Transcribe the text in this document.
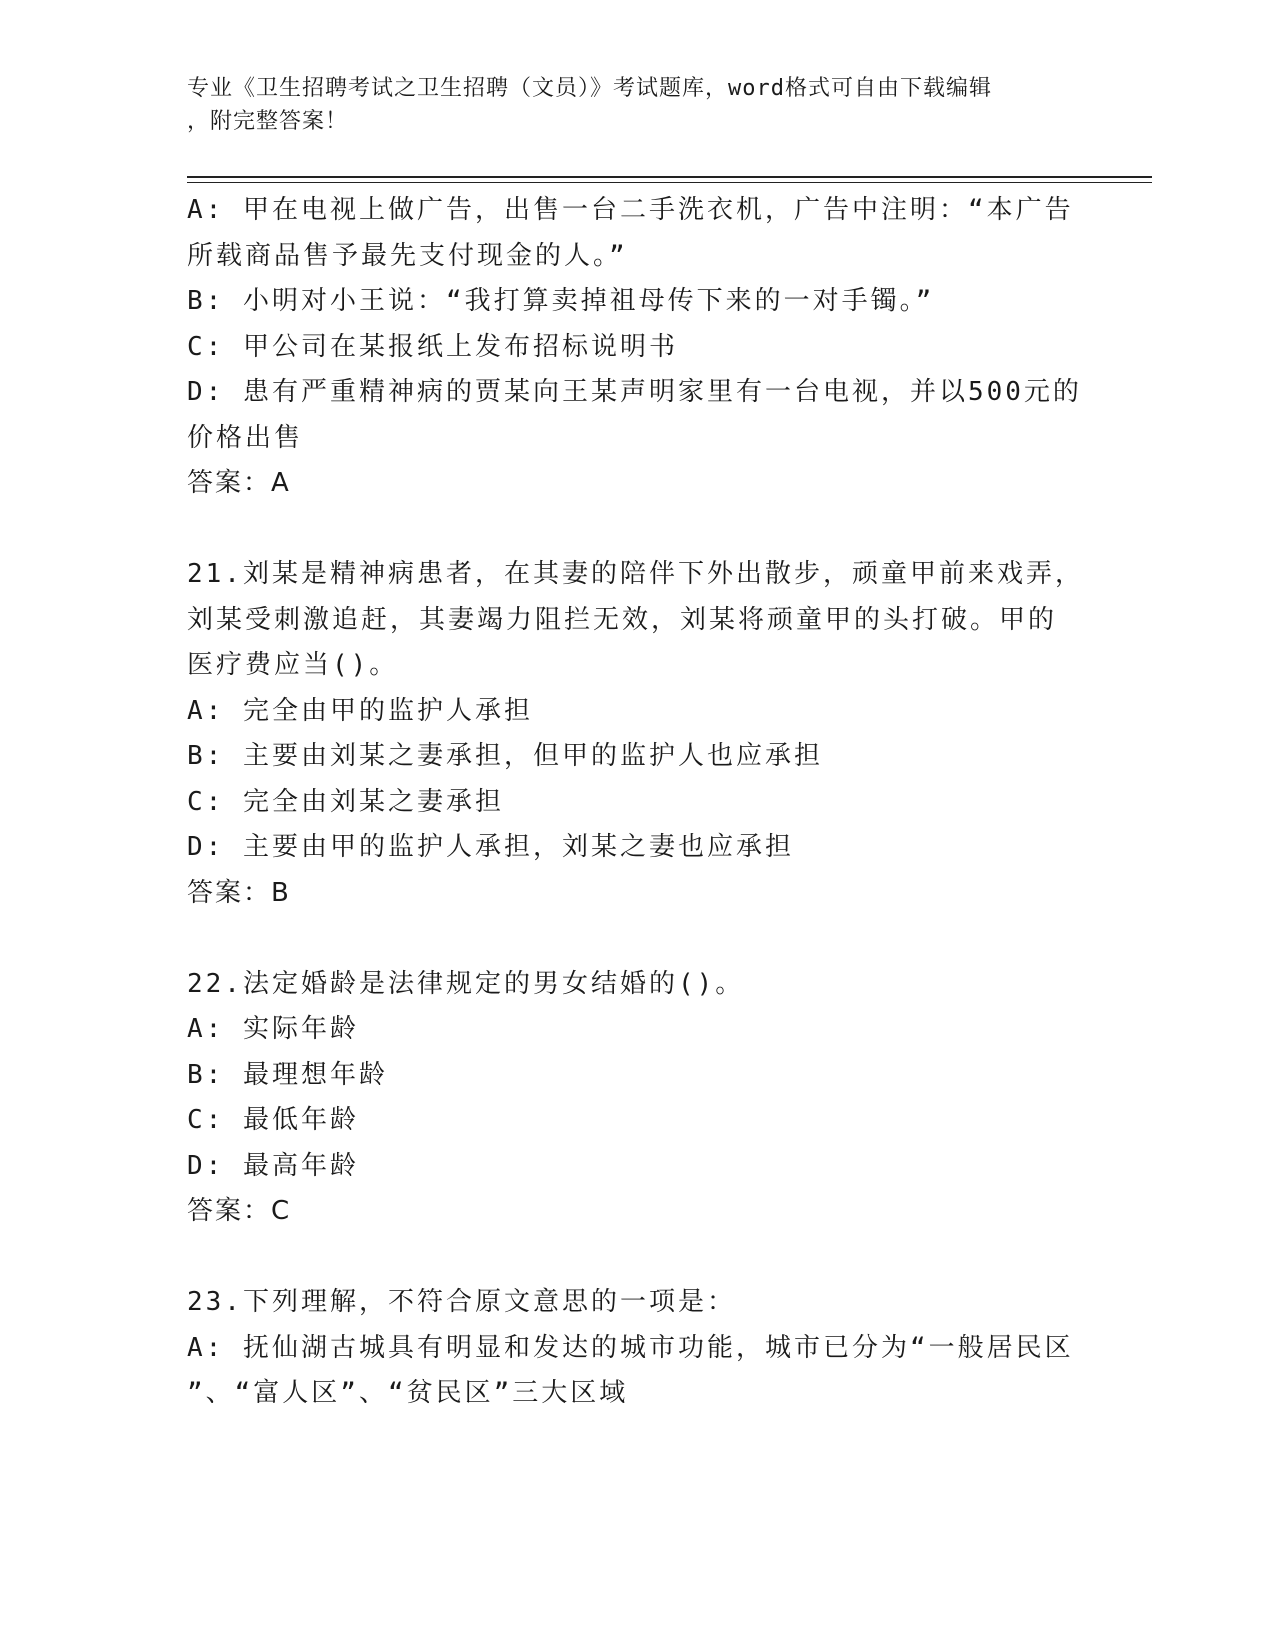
专业《卫生招聘考试之卫生招聘（文员）》考试题库，word格式可自由下载编辑
，附完整答案！
A: 甲在电视上做广告，出售一台二手洗衣机，广告中注明：“本广告
所载商品售予最先支付现金的人。”
B: 小明对小王说：“我打算卖掉祖母传下来的一对手镯。”
C: 甲公司在某报纸上发布招标说明书
D: 患有严重精神病的贾某向王某声明家里有一台电视，并以500元的
价格出售
答案：A
21.刘某是精神病患者，在其妻的陪伴下外出散步，顽童甲前来戏弄，
刘某受刺激追赶，其妻竭力阻拦无效，刘某将顽童甲的头打破。甲的
医疗费应当()。
A: 完全由甲的监护人承担
B: 主要由刘某之妻承担，但甲的监护人也应承担
C: 完全由刘某之妻承担
D: 主要由甲的监护人承担，刘某之妻也应承担
答案：B
22.法定婚龄是法律规定的男女结婚的()。
A: 实际年龄
B: 最理想年龄
C: 最低年龄
D: 最高年龄
答案：C
23.下列理解，不符合原文意思的一项是：
A: 抚仙湖古城具有明显和发达的城市功能，城市已分为“一般居民区
”、“富人区”、“贫民区”三大区域
